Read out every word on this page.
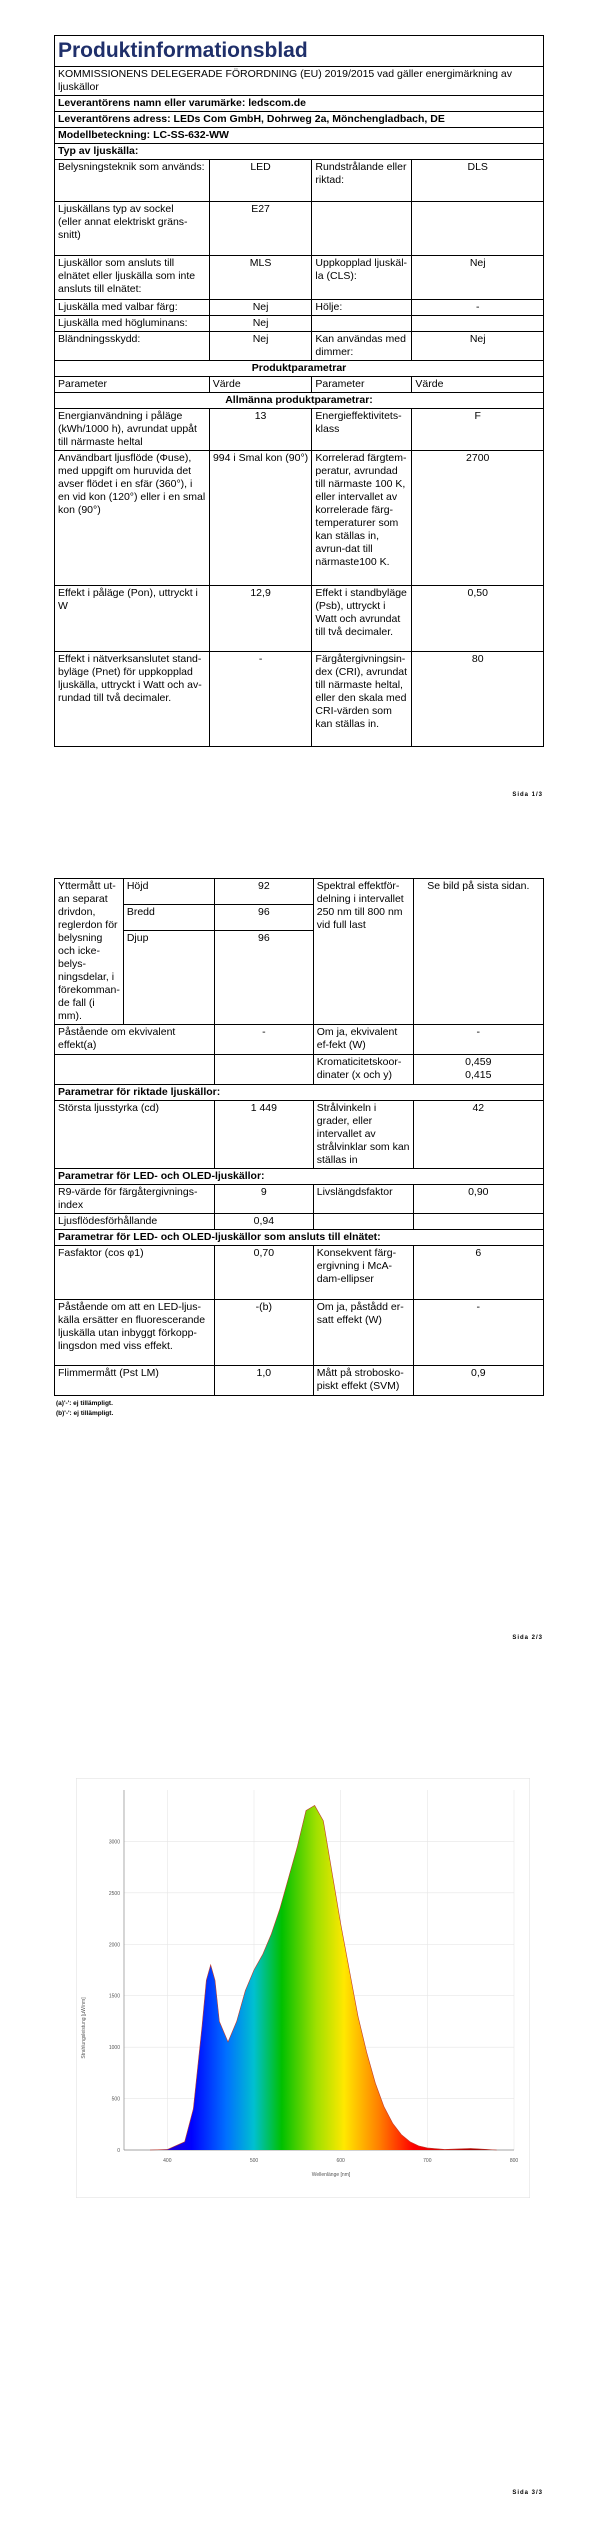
Produktinformationsblad			
KOMMISSIONENS DELEGERADE FÖRORDNING (EU) 2019/2015 vad gäller energimärkning av ljuskällor			
Leverantörens namn eller varumärke: ledscom.de			
Leverantörens adress: LEDs Com GmbH, Dohrweg 2a, Mönchengladbach, DE			
Modellbeteckning: LC-SS-632-WW			
Typ av ljuskälla:			
Belysningsteknik som används:	LED	Rundstrålande eller riktad:	DLS
Ljuskällans typ av sockel
(eller annat elektriskt gräns-snitt)	E27		
Ljuskällor som ansluts till elnätet eller ljuskälla som inte ansluts till elnätet:	MLS	Uppkopplad ljuskäl-la (CLS):	Nej
Ljuskälla med valbar färg:	Nej	Hölje:	-
Ljuskälla med högluminans:	Nej		
Bländningsskydd:	Nej	Kan användas med dimmer:	Nej
Produktparametrar			
Parameter	Värde	Parameter	Värde
Allmänna produktparametrar:			
Energianvändning i påläge (kWh/1000 h), avrundat uppåt till närmaste heltal	13	Energieffektivitets-klass	F
Användbart ljusflöde (Φuse), med uppgift om huruvida det avser flödet i en sfär (360°), i en vid kon (120°) eller i en smal kon (90°)	994 i Smal kon (90°)	Korrelerad färgtem-peratur, avrundad till närmaste 100 K, eller intervallet av korrelerade färg-temperaturer som kan ställas in, avrun-dat till närmaste100 K.	2700
Effekt i påläge (Pon), uttryckt i W	12,9	Effekt i standbyläge (Psb), uttryckt i Watt och avrundat till två decimaler.	0,50
Effekt i nätverksanslutet stand-byläge (Pnet) för uppkopplad ljuskälla, uttryckt i Watt och av-rundad till två decimaler.	-	Färgåtergivningsin-dex (CRI), avrundat till närmaste heltal, eller den skala med CRI-värden som kan ställas in.	80
Sida 1/3
Yttermått ut-an separat drivdon, reglerdon för belysning och icke-belys-ningsdelar, i förekomman-de fall (i mm).	Höjd	92	Spektral effektför-delning i intervallet 250 nm till 800 nm vid full last	Se bild på sista sidan.
	Bredd	96		
	Djup	96		
Påstående om ekvivalent effekt(a)		-	Om ja, ekvivalent ef-fekt (W)	-
			Kromaticitetskoor-dinater (x och y)	0,459
0,415

Parametrar för riktade ljuskällor:				
Största ljusstyrka (cd)		1 449	Strålvinkeln i grader, eller intervallet av strålvinklar som kan ställas in	42
Parametrar för LED- och OLED-ljuskällor:				
R9-värde för färgåtergivnings-index		9	Livslängdsfaktor	0,90
Ljusflödesförhållande		0,94		
Parametrar för LED- och OLED-ljuskällor som ansluts till elnätet:				
Fasfaktor (cos φ1)		0,70	Konsekvent färg-ergivning i McA-dam-ellipser	6
Påstående om att en LED-ljus-källa ersätter en fluorescerande ljuskälla utan inbyggt förkopp-lingsdon med viss effekt.		-(b)	Om ja, påstådd er-satt effekt (W)	-
Flimmermått (Pst LM)		1,0	Mått på strobosko-piskt effekt (SVM)	0,9
(a)'-': ej tillämpligt.
(b)'-': ej tillämpligt.
Sida 2/3
Sida 3/3
400	500	600	700	800
0
500
1000
1500
2000
2500
3000
Wellenlänge [nm]
Strahlungsleistung [µW/nm]
